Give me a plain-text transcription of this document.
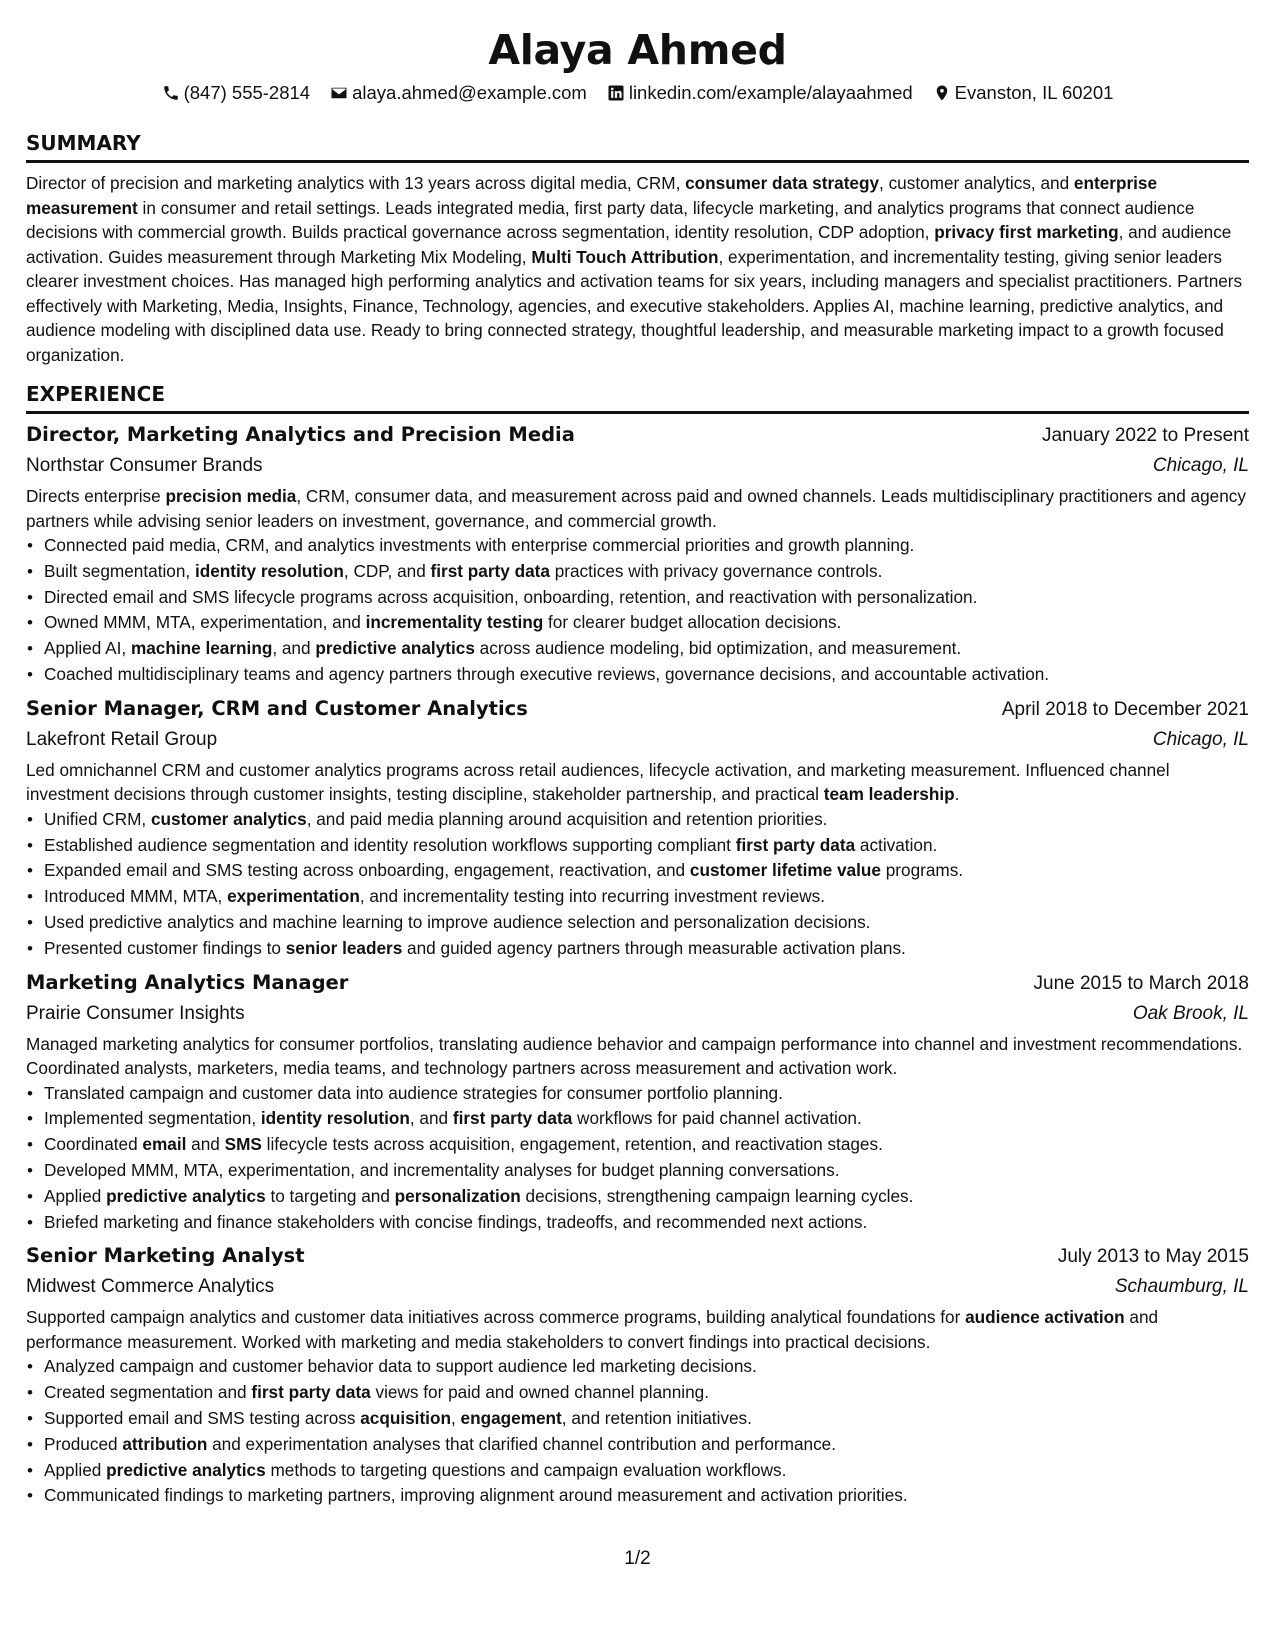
Alaya Ahmed
(847) 555-2814 alaya.ahmed@example.com linkedin.com/example/alayaahmed Evanston, IL 60201
SUMMARY

Director of precision and marketing analytics with 13 years across digital media, CRM, consumer data strategy, customer analytics, and enterprise measurement in consumer and retail settings. Leads integrated media, first party data, lifecycle marketing, and analytics programs that connect audience decisions with commercial growth. Builds practical governance across segmentation, identity resolution, CDP adoption, privacy first marketing, and audience activation. Guides measurement through Marketing Mix Modeling, Multi Touch Attribution, experimentation, and incrementality testing, giving senior leaders clearer investment choices. Has managed high performing analytics and activation teams for six years, including managers and specialist practitioners. Partners effectively with Marketing, Media, Insights, Finance, Technology, agencies, and executive stakeholders. Applies AI, machine learning, predictive analytics, and audience modeling with disciplined data use. Ready to bring connected strategy, thoughtful leadership, and measurable marketing impact to a growth focused organization.

EXPERIENCE
Director, Marketing Analytics and Precision Media	January 2022 to Present
Northstar Consumer Brands	Chicago, IL

Directs enterprise precision media, CRM, consumer data, and measurement across paid and owned channels. Leads multidisciplinary practitioners and agency partners while advising senior leaders on investment, governance, and commercial growth.

• Connected paid media, CRM, and analytics investments with enterprise commercial priorities and growth planning.
• Built segmentation, identity resolution, CDP, and first party data practices with privacy governance controls.
• Directed email and SMS lifecycle programs across acquisition, onboarding, retention, and reactivation with personalization.
• Owned MMM, MTA, experimentation, and incrementality testing for clearer budget allocation decisions.
• Applied AI, machine learning, and predictive analytics across audience modeling, bid optimization, and measurement.
• Coached multidisciplinary teams and agency partners through executive reviews, governance decisions, and accountable activation.
Senior Manager, CRM and Customer Analytics	April 2018 to December 2021
Lakefront Retail Group	Chicago, IL

Led omnichannel CRM and customer analytics programs across retail audiences, lifecycle activation, and marketing measurement. Influenced channel investment decisions through customer insights, testing discipline, stakeholder partnership, and practical team leadership.

• Unified CRM, customer analytics, and paid media planning around acquisition and retention priorities.
• Established audience segmentation and identity resolution workflows supporting compliant first party data activation.
• Expanded email and SMS testing across onboarding, engagement, reactivation, and customer lifetime value programs.
• Introduced MMM, MTA, experimentation, and incrementality testing into recurring investment reviews.
• Used predictive analytics and machine learning to improve audience selection and personalization decisions.
• Presented customer findings to senior leaders and guided agency partners through measurable activation plans.
Marketing Analytics Manager	June 2015 to March 2018
Prairie Consumer Insights	Oak Brook, IL

Managed marketing analytics for consumer portfolios, translating audience behavior and campaign performance into channel and investment recommendations. Coordinated analysts, marketers, media teams, and technology partners across measurement and activation work.

• Translated campaign and customer data into audience strategies for consumer portfolio planning.
• Implemented segmentation, identity resolution, and first party data workflows for paid channel activation.
• Coordinated email and SMS lifecycle tests across acquisition, engagement, retention, and reactivation stages.
• Developed MMM, MTA, experimentation, and incrementality analyses for budget planning conversations.
• Applied predictive analytics to targeting and personalization decisions, strengthening campaign learning cycles.
• Briefed marketing and finance stakeholders with concise findings, tradeoffs, and recommended next actions.
Senior Marketing Analyst	July 2013 to May 2015
Midwest Commerce Analytics	Schaumburg, IL

Supported campaign analytics and customer data initiatives across commerce programs, building analytical foundations for audience activation and performance measurement. Worked with marketing and media stakeholders to convert findings into practical decisions.

• Analyzed campaign and customer behavior data to support audience led marketing decisions.
• Created segmentation and first party data views for paid and owned channel planning.
• Supported email and SMS testing across acquisition, engagement, and retention initiatives.
• Produced attribution and experimentation analyses that clarified channel contribution and performance.
• Applied predictive analytics methods to targeting questions and campaign evaluation workflows.
• Communicated findings to marketing partners, improving alignment around measurement and activation priorities.
1/2
